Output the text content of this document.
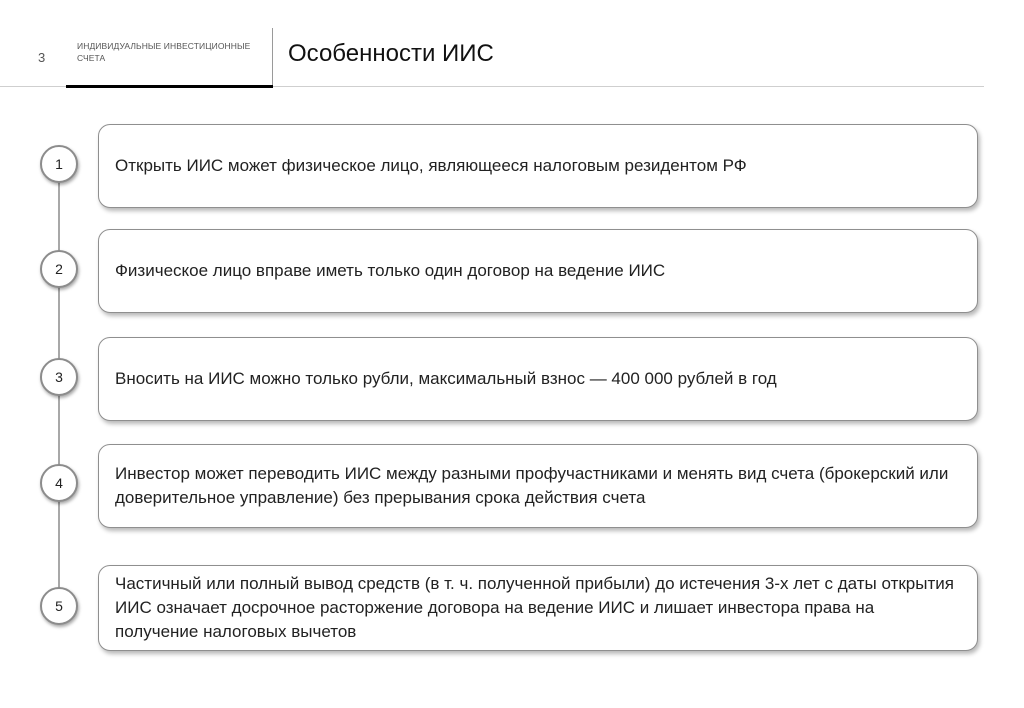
3
ИНДИВИДУАЛЬНЫЕ ИНВЕСТИЦИОННЫЕ СЧЕТА	Особенности ИИС
1	Открыть ИИС может физическое лицо, являющееся налоговым резидентом РФ
2	Физическое лицо вправе иметь только один договор на ведение ИИС
3	Вносить на ИИС можно только рубли, максимальный взнос — 400 000 рублей в год
4	Инвестор может переводить ИИС между разными профучастниками и менять вид счета (брокерский или доверительное управление) без прерывания срока действия счета
5
Частичный или полный вывод средств (в т. ч. полученной прибыли) до истечения 3-х лет с даты открытия ИИС означает досрочное расторжение договора на ведение ИИС и лишает инвестора права на получение налоговых вычетов
